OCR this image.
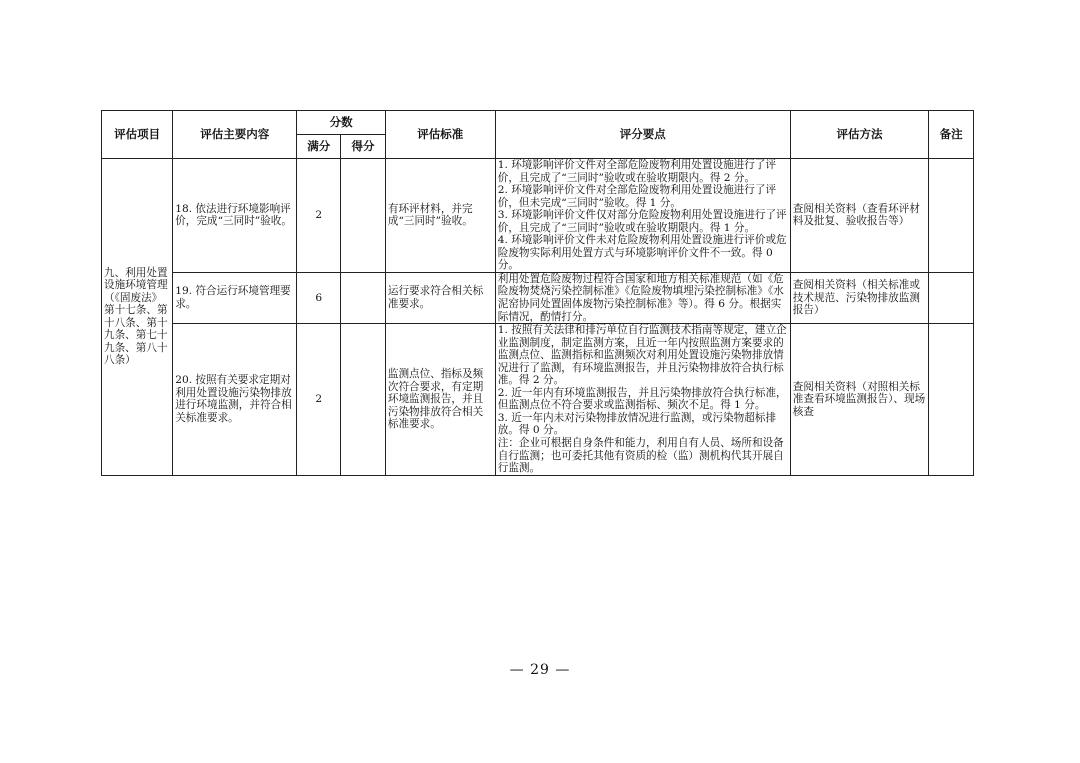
评估项目	评估主要内容	分数		评估标准	评分要点	评估方法	备注
		满分	得分				
九、利用处置设施环境管理（《固废法》第十七条、第十八条、第十九条、第七十九条、第八十八条）	18. 依法进行环境影响评价，完成“三同时”验收。	2		有环评材料，并完成“三同时”验收。	1. 环境影响评价文件对全部危险废物利用处置设施进行了评价，且完成了“三同时”验收或在验收期限内。得 2 分。

2. 环境影响评价文件对全部危险废物利用处置设施进行了评价，但未完成“三同时”验收。得 1 分。

3. 环境影响评价文件仅对部分危险废物利用处置设施进行了评价，且完成了“三同时”验收或在验收期限内。得 1 分。

4. 环境影响评价文件未对危险废物利用处置设施进行评价或危险废物实际利用处置方式与环境影响评价文件不一致。得 0 分。	查阅相关资料（查看环评材料及批复、验收报告等）	
	19. 符合运行环境管理要求。	6		运行要求符合相关标准要求。	利用处置危险废物过程符合国家和地方相关标准规范（如《危险废物焚烧污染控制标准》《危险废物填埋污染控制标准》《水泥窑协同处置固体废物污染控制标准》等）。得 6 分。根据实际情况，酌情打分。	查阅相关资料（相关标准或技术规范、污染物排放监测报告）	
	20. 按照有关要求定期对利用处置设施污染物排放进行环境监测，并符合相关标准要求。	2		监测点位、指标及频次符合要求，有定期环境监测报告，并且污染物排放符合相关标准要求。	1. 按照有关法律和排污单位自行监测技术指南等规定，建立企业监测制度，制定监测方案，且近一年内按照监测方案要求的监测点位、监测指标和监测频次对利用处置设施污染物排放情况进行了监测，有环境监测报告，并且污染物排放符合执行标准。得 2 分。

2. 近一年内有环境监测报告，并且污染物排放符合执行标准，但监测点位不符合要求或监测指标、频次不足。得 1 分。

3. 近一年内未对污染物排放情况进行监测，或污染物超标排放。得 0 分。

注：企业可根据自身条件和能力，利用自有人员、场所和设备自行监测；也可委托其他有资质的检（监）测机构代其开展自行监测。	查阅相关资料（对照相关标准查看环境监测报告）、现场核查	
— 29 —
